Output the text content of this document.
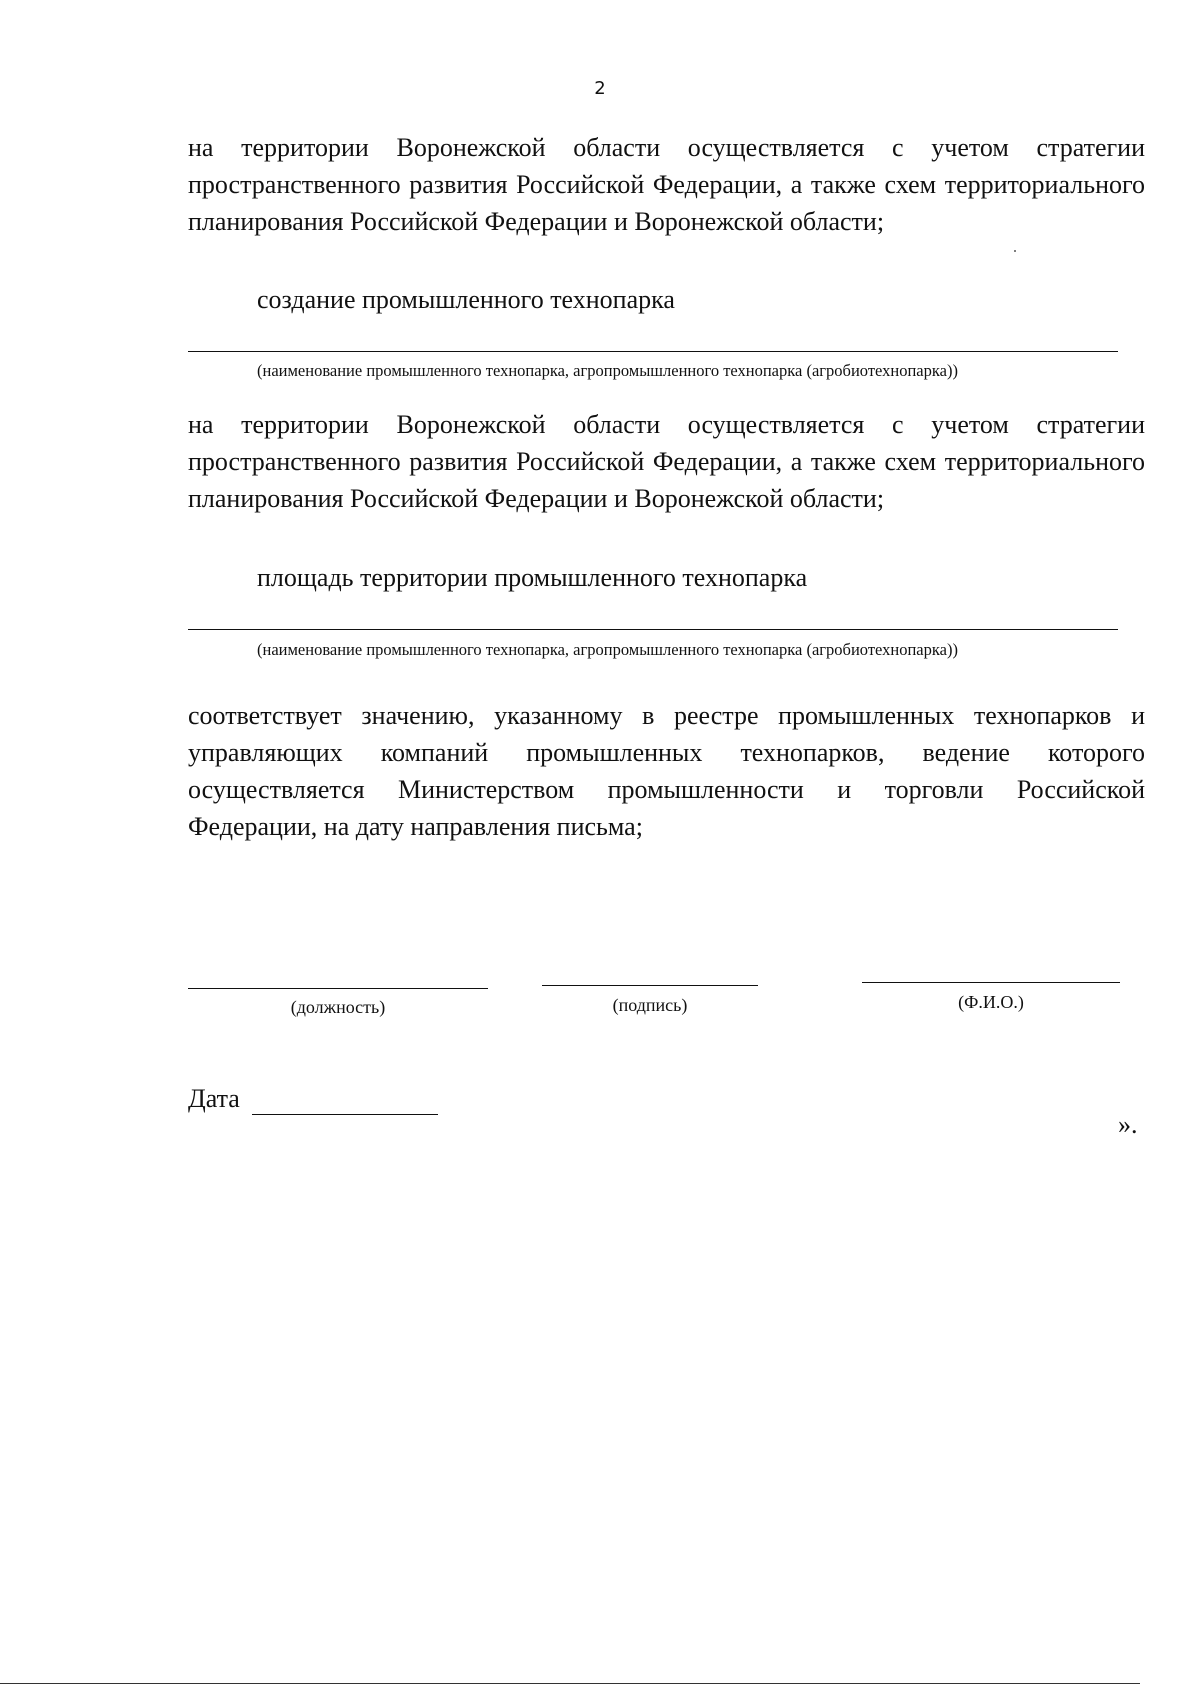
2

на территории Воронежской области осуществляется с учетом стратегии пространственного развития Российской Федерации, а также схем территориального планирования Российской Федерации и Воронежской области;

создание промышленного технопарка

(наименование промышленного технопарка, агропромышленного технопарка (агробиотехнопарка))

на территории Воронежской области осуществляется с учетом стратегии пространственного развития Российской Федерации, а также схем территориального планирования Российской Федерации и Воронежской области;

площадь территории промышленного технопарка

(наименование промышленного технопарка, агропромышленного технопарка (агробиотехнопарка))

соответствует значению, указанному в реестре промышленных технопарков и управляющих компаний промышленных технопарков, ведение которого осуществляется Министерством промышленности и торговли Российской Федерации, на дату направления письма;

(должность)	(подпись)	(Ф.И.О.)
Дата
».
